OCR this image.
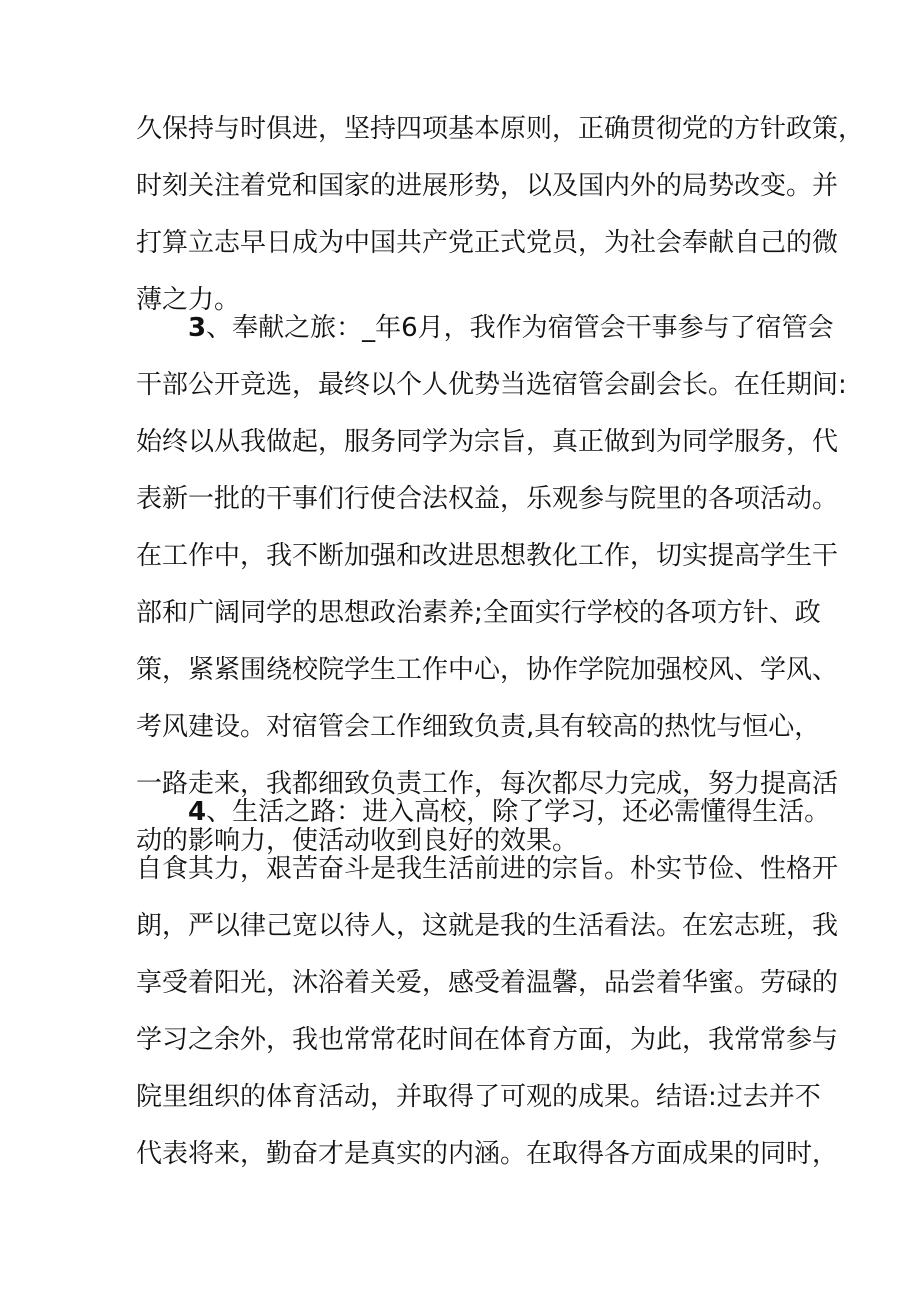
久保持与时俱进，坚持四项基本原则，正确贯彻党的方针政策，
时刻关注着党和国家的进展形势，以及国内外的局势改变。并
打算立志早日成为中国共产党正式党员，为社会奉献自己的微
薄之力。
3、奉献之旅：_年6月，我作为宿管会干事参与了宿管会
干部公开竞选，最终以个人优势当选宿管会副会长。在任期间:
始终以从我做起，服务同学为宗旨，真正做到为同学服务，代
表新一批的干事们行使合法权益，乐观参与院里的各项活动。
在工作中，我不断加强和改进思想教化工作，切实提高学生干
部和广阔同学的思想政治素养;全面实行学校的各项方针、政
策，紧紧围绕校院学生工作中心，协作学院加强校风、学风、
考风建设。对宿管会工作细致负责,具有较高的热忱与恒心，
一路走来，我都细致负责工作，每次都尽力完成，努力提高活
动的影响力，使活动收到良好的效果。
4、生活之路：进入高校，除了学习，还必需懂得生活。
自食其力，艰苦奋斗是我生活前进的宗旨。朴实节俭、性格开
朗，严以律己宽以待人，这就是我的生活看法。在宏志班，我
享受着阳光，沐浴着关爱，感受着温馨，品尝着华蜜。劳碌的
学习之余外，我也常常花时间在体育方面，为此，我常常参与
院里组织的体育活动，并取得了可观的成果。结语:过去并不
代表将来，勤奋才是真实的内涵。在取得各方面成果的同时，
